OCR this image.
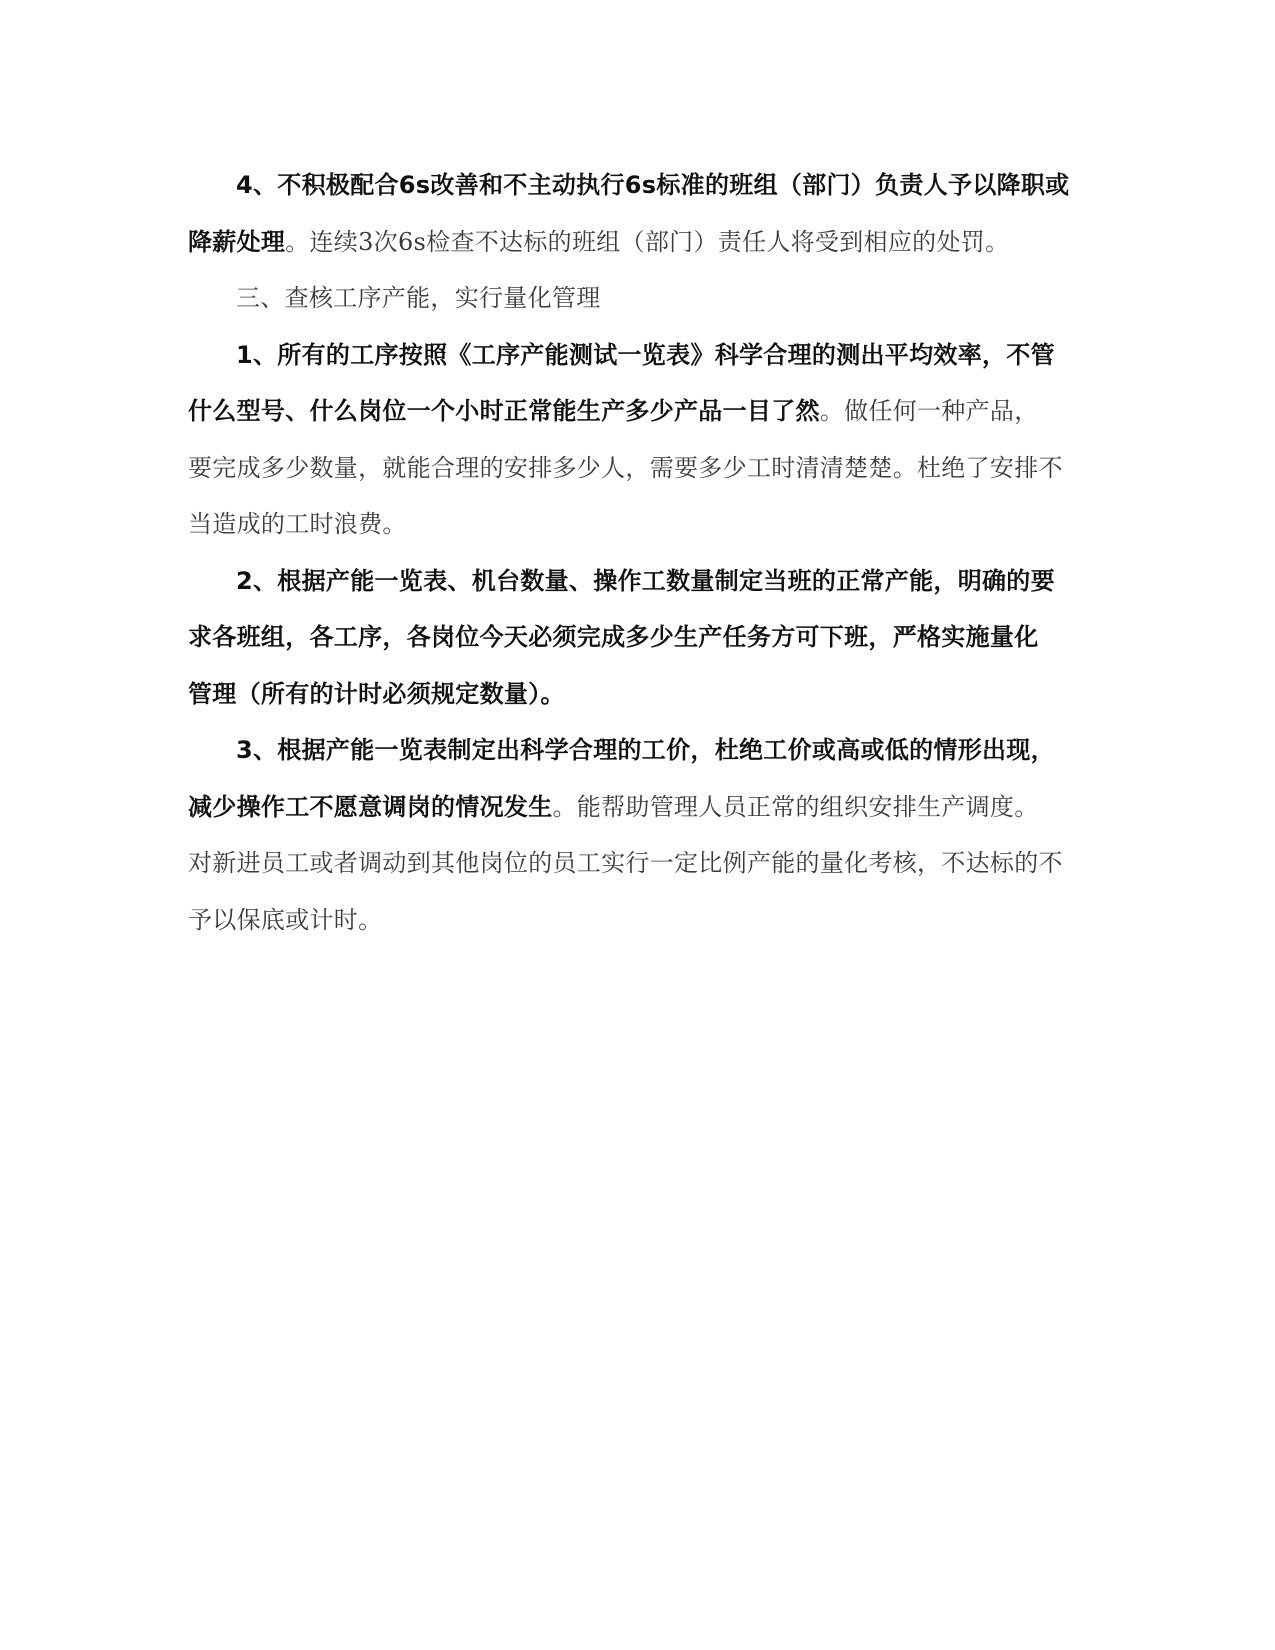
4、不积极配合6s改善和不主动执行6s标准的班组（部门）负责人予以降职或
降薪处理。连续3次6s检查不达标的班组（部门）责任人将受到相应的处罚。
三、查核工序产能，实行量化管理
1、所有的工序按照《工序产能测试一览表》科学合理的测出平均效率，不管
什么型号、什么岗位一个小时正常能生产多少产品一目了然。做任何一种产品，
要完成多少数量，就能合理的安排多少人，需要多少工时清清楚楚。杜绝了安排不
当造成的工时浪费。
2、根据产能一览表、机台数量、操作工数量制定当班的正常产能，明确的要
求各班组，各工序，各岗位今天必须完成多少生产任务方可下班，严格实施量化
管理（所有的计时必须规定数量）。
3、根据产能一览表制定出科学合理的工价，杜绝工价或高或低的情形出现，
减少操作工不愿意调岗的情况发生。能帮助管理人员正常的组织安排生产调度。
对新进员工或者调动到其他岗位的员工实行一定比例产能的量化考核，不达标的不
予以保底或计时。
